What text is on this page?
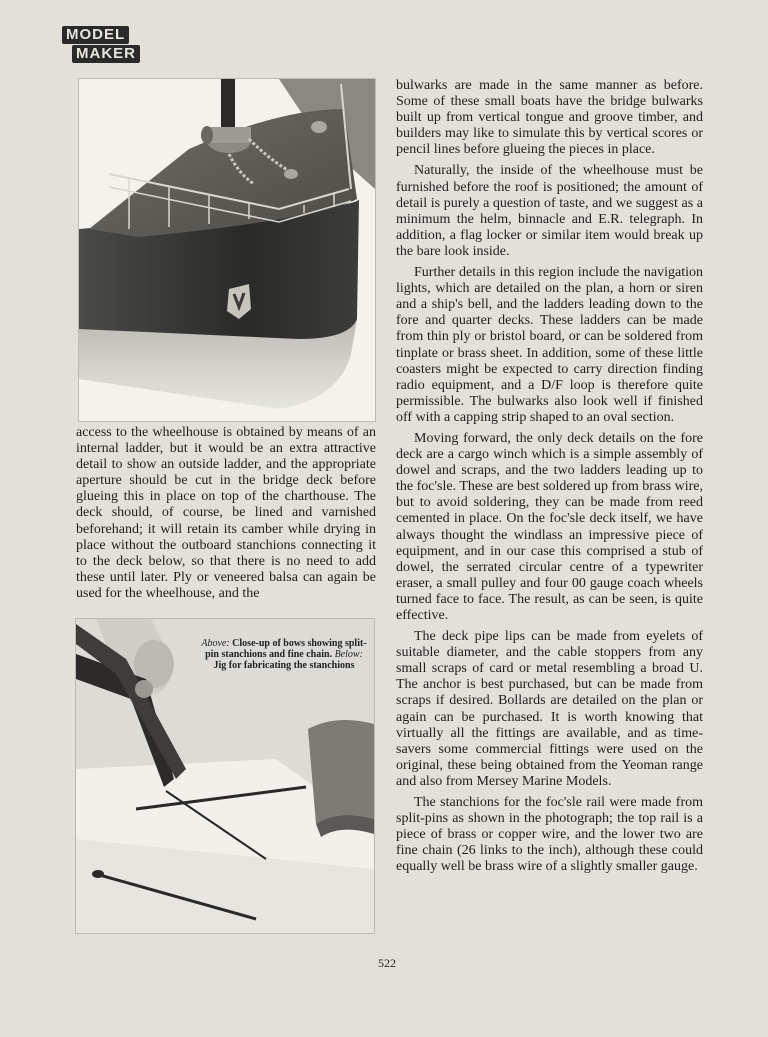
MODEL
MAKER

access to the wheelhouse is obtained by means of an internal ladder, but it would be an extra attractive detail to show an outside ladder, and the appropriate aperture should be cut in the bridge deck before glueing this in place on top of the charthouse. The deck should, of course, be lined and varnished beforehand; it will retain its camber while drying in place without the outboard stanchions connecting it to the deck below, so that there is no need to add these until later. Ply or veneered balsa can again be used for the wheelhouse, and the

Above: Close-up of bows showing split-pin stanchions and fine chain. Below: Jig for fabricating the stanchions

bulwarks are made in the same manner as before. Some of these small boats have the bridge bulwarks built up from vertical tongue and groove timber, and builders may like to simulate this by vertical scores or pencil lines before glueing the pieces in place.

Naturally, the inside of the wheelhouse must be furnished before the roof is positioned; the amount of detail is purely a question of taste, and we suggest as a minimum the helm, binnacle and E.R. telegraph. In addition, a flag locker or similar item would break up the bare look inside.

Further details in this region include the navigation lights, which are detailed on the plan, a horn or siren and a ship's bell, and the ladders leading down to the fore and quarter decks. These ladders can be made from thin ply or bristol board, or can be soldered from tinplate or brass sheet. In addition, some of these little coasters might be expected to carry direction finding radio equipment, and a D/F loop is therefore quite permissible. The bulwarks also look well if finished off with a capping strip shaped to an oval section.

Moving forward, the only deck details on the fore deck are a cargo winch which is a simple assembly of dowel and scraps, and the two ladders leading up to the foc'sle. These are best soldered up from brass wire, but to avoid soldering, they can be made from reed cemented in place. On the foc'sle deck itself, we have always thought the windlass an impressive piece of equipment, and in our case this comprised a stub of dowel, the serrated circular centre of a typewriter eraser, a small pulley and four 00 gauge coach wheels turned face to face. The result, as can be seen, is quite effective.

The deck pipe lips can be made from eyelets of suitable diameter, and the cable stoppers from any small scraps of card or metal resembling a broad U. The anchor is best purchased, but can be made from scraps if desired. Bollards are detailed on the plan or again can be purchased. It is worth knowing that virtually all the fittings are available, and as time-savers some commercial fittings were used on the original, these being obtained from the Yeoman range and also from Mersey Marine Models.

The stanchions for the foc'sle rail were made from split-pins as shown in the photograph; the top rail is a piece of brass or copper wire, and the lower two are fine chain (26 links to the inch), although these could equally well be brass wire of a slightly smaller gauge.

522
